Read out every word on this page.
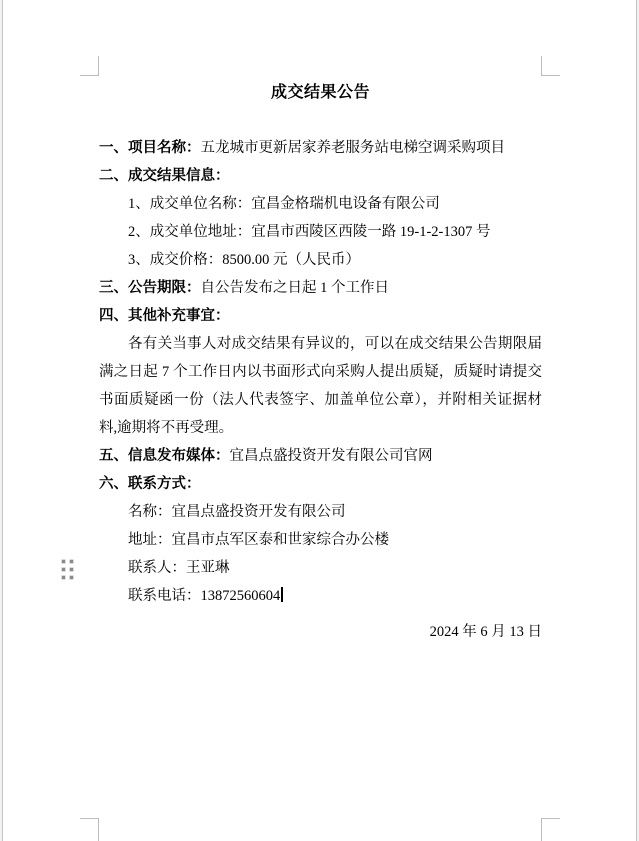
成交结果公告
一、项目名称：五龙城市更新居家养老服务站电梯空调采购项目
二、成交结果信息：
1、成交单位名称：宜昌金格瑞机电设备有限公司
2、成交单位地址：宜昌市西陵区西陵一路 19-1-2-1307 号
3、成交价格：8500.00 元（人民币）
三、公告期限：自公告发布之日起 1 个工作日
四、其他补充事宜：
各有关当事人对成交结果有异议的，可以在成交结果公告期限届
满之日起 7 个工作日内以书面形式向采购人提出质疑，质疑时请提交
书面质疑函一份（法人代表签字、加盖单位公章），并附相关证据材
料,逾期将不再受理。
五、信息发布媒体：宜昌点盛投资开发有限公司官网
六、联系方式：
名称：宜昌点盛投资开发有限公司
地址：宜昌市点军区泰和世家综合办公楼
联系人：王亚琳
联系电话：13872560604
2024 年 6 月 13 日
